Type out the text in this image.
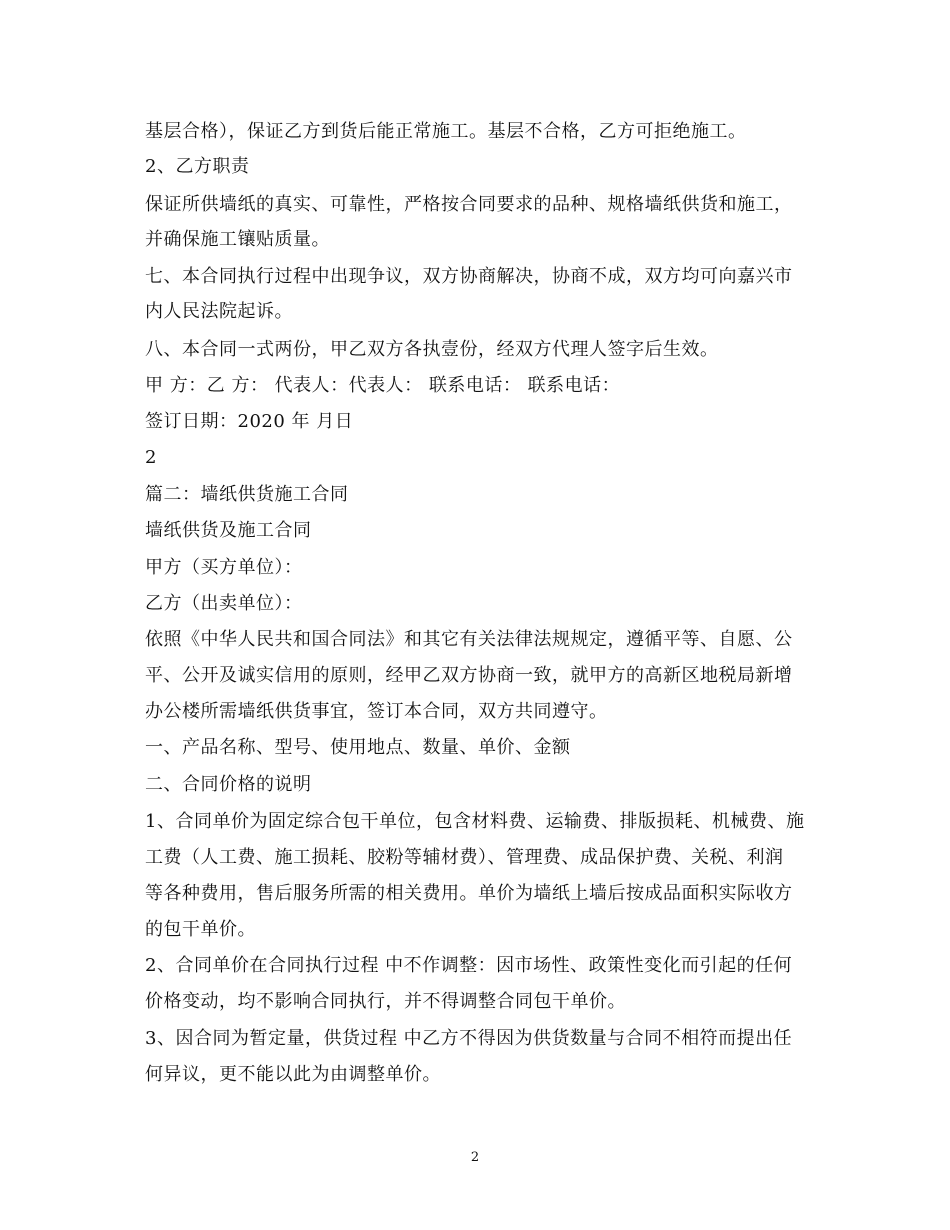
基层合格），保证乙方到货后能正常施工。基层不合格，乙方可拒绝施工。
2、乙方职责
保证所供墙纸的真实、可靠性，严格按合同要求的品种、规格墙纸供货和施工，
并确保施工镶贴质量。
七、本合同执行过程中出现争议，双方协商解决，协商不成，双方均可向嘉兴市
内人民法院起诉。
八、本合同一式两份，甲乙双方各执壹份，经双方代理人签字后生效。
甲 方：乙 方： 代表人：代表人： 联系电话： 联系电话：
签订日期：2020 年 月日
2
篇二：墙纸供货施工合同
墙纸供货及施工合同
甲方（买方单位）：
乙方（出卖单位）：
依照《中华人民共和国合同法》和其它有关法律法规规定，遵循平等、自愿、公
平、公开及诚实信用的原则，经甲乙双方协商一致，就甲方的高新区地税局新增
办公楼所需墙纸供货事宜，签订本合同，双方共同遵守。
一、产品名称、型号、使用地点、数量、单价、金额
二、合同价格的说明
1、合同单价为固定综合包干单位，包含材料费、运输费、排版损耗、机械费、施
工费（人工费、施工损耗、胶粉等辅材费）、管理费、成品保护费、关税、利润
等各种费用，售后服务所需的相关费用。单价为墙纸上墙后按成品面积实际收方
的包干单价。
2、合同单价在合同执行过程 中不作调整：因市场性、政策性变化而引起的任何
价格变动，均不影响合同执行，并不得调整合同包干单价。
3、因合同为暂定量，供货过程 中乙方不得因为供货数量与合同不相符而提出任
何异议，更不能以此为由调整单价。
2
